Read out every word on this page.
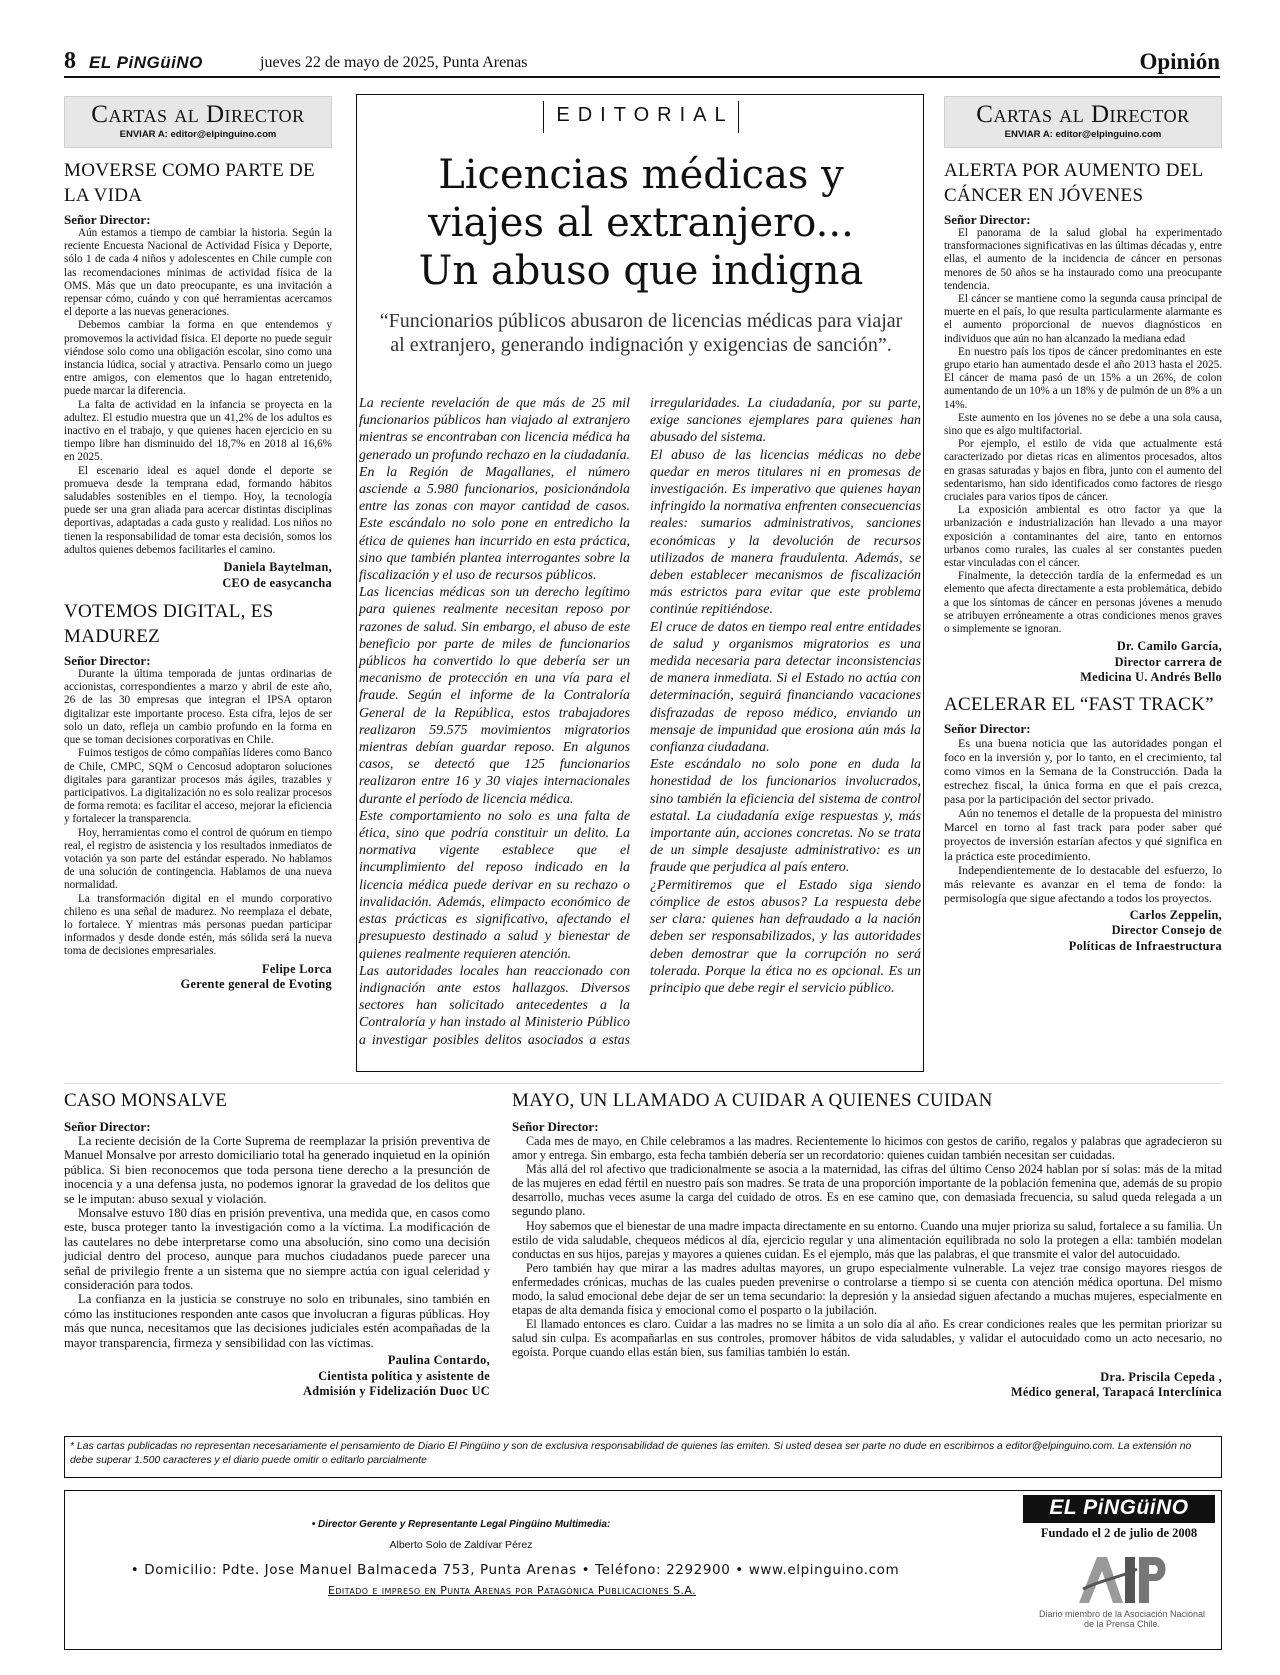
8 EL PiNGüiNO	jueves 22 de mayo de 2025, Punta Arenas	Opinión
Cartas al Director
ENVIAR A: editor@elpinguino.com
MOVERSE COMO PARTE DE LA VIDA
Señor Director:

Aún estamos a tiempo de cambiar la historia. Según la reciente Encuesta Nacional de Actividad Física y Deporte, sólo 1 de cada 4 niños y adolescentes en Chile cumple con las recomendaciones mínimas de actividad física de la OMS. Más que un dato preocupante, es una invitación a repensar cómo, cuándo y con qué herramientas acercamos el deporte a las nuevas generaciones.

Debemos cambiar la forma en que entendemos y promovemos la actividad física. El deporte no puede seguir viéndose solo como una obligación escolar, sino como una instancia lúdica, social y atractiva. Pensarlo como un juego entre amigos, con elementos que lo hagan entretenido, puede marcar la diferencia.

La falta de actividad en la infancia se proyecta en la adultez. El estudio muestra que un 41,2% de los adultos es inactivo en el trabajo, y que quienes hacen ejercicio en su tiempo libre han disminuido del 18,7% en 2018 al 16,6% en 2025.

El escenario ideal es aquel donde el deporte se promueva desde la temprana edad, formando hábitos saludables sostenibles en el tiempo. Hoy, la tecnología puede ser una gran aliada para acercar distintas disciplinas deportivas, adaptadas a cada gusto y realidad. Los niños no tienen la responsabilidad de tomar esta decisión, somos los adultos quienes debemos facilitarles el camino.

Daniela Baytelman,
CEO de easycancha
VOTEMOS DIGITAL, ES MADUREZ
Señor Director:

Durante la última temporada de juntas ordinarias de accionistas, correspondientes a marzo y abril de este año, 26 de las 30 empresas que integran el IPSA optaron digitalizar este importante proceso. Esta cifra, lejos de ser solo un dato, refleja un cambio profundo en la forma en que se toman decisiones corporativas en Chile.

Fuimos testigos de cómo compañías líderes como Banco de Chile, CMPC, SQM o Cencosud adoptaron soluciones digitales para garantizar procesos más ágiles, trazables y participativos. La digitalización no es solo realizar procesos de forma remota: es facilitar el acceso, mejorar la eficiencia y fortalecer la transparencia.

Hoy, herramientas como el control de quórum en tiempo real, el registro de asistencia y los resultados inmediatos de votación ya son parte del estándar esperado. No hablamos de una solución de contingencia. Hablamos de una nueva normalidad.

La transformación digital en el mundo corporativo chileno es una señal de madurez. No reemplaza el debate, lo fortalece. Y mientras más personas puedan participar informados y desde donde estén, más sólida será la nueva toma de decisiones empresariales.

Felipe Lorca
Gerente general de Evoting
EDITORIAL
Licencias médicas y
viajes al extranjero...
Un abuso que indigna
“Funcionarios públicos abusaron de licencias médicas para viajar al extranjero, generando indignación y exigencias de sanción”.

La reciente revelación de que más de 25 mil funcionarios públicos han viajado al extranjero mientras se encontraban con licencia médica ha generado un profundo rechazo en la ciudadanía. En la Región de Magallanes, el número asciende a 5.980 funcionarios, posicionándola entre las zonas con mayor cantidad de casos. Este escándalo no solo pone en entredicho la ética de quienes han incurrido en esta práctica, sino que también plantea interrogantes sobre la fiscalización y el uso de recursos públicos.

Las licencias médicas son un derecho legítimo para quienes realmente necesitan reposo por razones de salud. Sin embargo, el abuso de este beneficio por parte de miles de funcionarios públicos ha convertido lo que debería ser un mecanismo de protección en una vía para el fraude. Según el informe de la Contraloría General de la República, estos trabajadores realizaron 59.575 movimientos migratorios mientras debían guardar reposo. En algunos casos, se detectó que 125 funcionarios realizaron entre 16 y 30 viajes internacionales durante el período de licencia médica.

Este comportamiento no solo es una falta de ética, sino que podría constituir un delito. La normativa vigente establece que el incumplimiento del reposo indicado en la licencia médica puede derivar en su rechazo o invalidación. Además, elimpacto económico de estas prácticas es significativo, afectando el presupuesto destinado a salud y bienestar de quienes realmente requieren atención.

Las autoridades locales han reaccionado con indignación ante estos hallazgos. Diversos sectores han solicitado antecedentes a la Contraloría y han instado al Ministerio Público a investigar posibles delitos asociados a estas irregularidades. La ciudadanía, por su parte, exige sanciones ejemplares para quienes han abusado del sistema.

El abuso de las licencias médicas no debe quedar en meros titulares ni en promesas de investigación. Es imperativo que quienes hayan infringido la normativa enfrenten consecuencias reales: sumarios administrativos, sanciones económicas y la devolución de recursos utilizados de manera fraudulenta. Además, se deben establecer mecanismos de fiscalización más estrictos para evitar que este problema continúe repitiéndose.

El cruce de datos en tiempo real entre entidades de salud y organismos migratorios es una medida necesaria para detectar inconsistencias de manera inmediata. Si el Estado no actúa con determinación, seguirá financiando vacaciones disfrazadas de reposo médico, enviando un mensaje de impunidad que erosiona aún más la confianza ciudadana.

Este escándalo no solo pone en duda la honestidad de los funcionarios involucrados, sino también la eficiencia del sistema de control estatal. La ciudadanía exige respuestas y, más importante aún, acciones concretas. No se trata de un simple desajuste administrativo: es un fraude que perjudica al país entero.

¿Permitiremos que el Estado siga siendo cómplice de estos abusos? La respuesta debe ser clara: quienes han defraudado a la nación deben ser responsabilizados, y las autoridades deben demostrar que la corrupción no será tolerada. Porque la ética no es opcional. Es un principio que debe regir el servicio público.

Cartas al Director
ENVIAR A: editor@elpinguino.com
ALERTA POR AUMENTO DEL CÁNCER EN JÓVENES
Señor Director:

El panorama de la salud global ha experimentado transformaciones significativas en las últimas décadas y, entre ellas, el aumento de la incidencia de cáncer en personas menores de 50 años se ha instaurado como una preocupante tendencia.

El cáncer se mantiene como la segunda causa principal de muerte en el país, lo que resulta particularmente alarmante es el aumento proporcional de nuevos diagnósticos en individuos que aún no han alcanzado la mediana edad

En nuestro país los tipos de cáncer predominantes en este grupo etario han aumentado desde el año 2013 hasta el 2025. El cáncer de mama pasó de un 15% a un 26%, de colon aumentando de un 10% a un 18% y de pulmón de un 8% a un 14%.

Este aumento en los jóvenes no se debe a una sola causa, sino que es algo multifactorial.

Por ejemplo, el estilo de vida que actualmente está caracterizado por dietas ricas en alimentos procesados, altos en grasas saturadas y bajos en fibra, junto con el aumento del sedentarismo, han sido identificados como factores de riesgo cruciales para varios tipos de cáncer.

La exposición ambiental es otro factor ya que la urbanización e industrialización han llevado a una mayor exposición a contaminantes del aire, tanto en entornos urbanos como rurales, las cuales al ser constantes pueden estar vinculadas con el cáncer.

Finalmente, la detección tardía de la enfermedad es un elemento que afecta directamente a esta problemática, debido a que los síntomas de cáncer en personas jóvenes a menudo se atribuyen erróneamente a otras condiciones menos graves o simplemente se ignoran.

Dr. Camilo García,
Director carrera de
Medicina U. Andrés Bello
ACELERAR EL “FAST TRACK”
Señor Director:

Es una buena noticia que las autoridades pongan el foco en la inversión y, por lo tanto, en el crecimiento, tal como vimos en la Semana de la Construcción. Dada la estrechez fiscal, la única forma en que el país crezca, pasa por la participación del sector privado.

Aún no tenemos el detalle de la propuesta del ministro Marcel en torno al fast track para poder saber qué proyectos de inversión estarían afectos y qué significa en la práctica este procedimiento.

Independientemente de lo destacable del esfuerzo, lo más relevante es avanzar en el tema de fondo: la permisología que sigue afectando a todos los proyectos.

Carlos Zeppelin,
Director Consejo de
Políticas de Infraestructura
CASO MONSALVE
Señor Director:

La reciente decisión de la Corte Suprema de reemplazar la prisión preventiva de Manuel Monsalve por arresto domiciliario total ha generado inquietud en la opinión pública. Si bien reconocemos que toda persona tiene derecho a la presunción de inocencia y a una defensa justa, no podemos ignorar la gravedad de los delitos que se le imputan: abuso sexual y violación.

Monsalve estuvo 180 días en prisión preventiva, una medida que, en casos como este, busca proteger tanto la investigación como a la víctima. La modificación de las cautelares no debe interpretarse como una absolución, sino como una decisión judicial dentro del proceso, aunque para muchos ciudadanos puede parecer una señal de privilegio frente a un sistema que no siempre actúa con igual celeridad y consideración para todos.

La confianza en la justicia se construye no solo en tribunales, sino también en cómo las instituciones responden ante casos que involucran a figuras públicas. Hoy más que nunca, necesitamos que las decisiones judiciales estén acompañadas de la mayor transparencia, firmeza y sensibilidad con las víctimas.

Paulina Contardo,
Cientista política y asistente de
Admisión y Fidelización Duoc UC
MAYO, UN LLAMADO A CUIDAR A QUIENES CUIDAN
Señor Director:

Cada mes de mayo, en Chile celebramos a las madres. Recientemente lo hicimos con gestos de cariño, regalos y palabras que agradecieron su amor y entrega. Sin embargo, esta fecha también debería ser un recordatorio: quienes cuidan también necesitan ser cuidadas.

Más allá del rol afectivo que tradicionalmente se asocia a la maternidad, las cifras del último Censo 2024 hablan por sí solas: más de la mitad de las mujeres en edad fértil en nuestro país son madres. Se trata de una proporción importante de la población femenina que, además de su propio desarrollo, muchas veces asume la carga del cuidado de otros. Es en ese camino que, con demasiada frecuencia, su salud queda relegada a un segundo plano.

Hoy sabemos que el bienestar de una madre impacta directamente en su entorno. Cuando una mujer prioriza su salud, fortalece a su familia. Un estilo de vida saludable, chequeos médicos al día, ejercicio regular y una alimentación equilibrada no solo la protegen a ella: también modelan conductas en sus hijos, parejas y mayores a quienes cuidan. Es el ejemplo, más que las palabras, el que transmite el valor del autocuidado.

Pero también hay que mirar a las madres adultas mayores, un grupo especialmente vulnerable. La vejez trae consigo mayores riesgos de enfermedades crónicas, muchas de las cuales pueden prevenirse o controlarse a tiempo si se cuenta con atención médica oportuna. Del mismo modo, la salud emocional debe dejar de ser un tema secundario: la depresión y la ansiedad siguen afectando a muchas mujeres, especialmente en etapas de alta demanda física y emocional como el posparto o la jubilación.

El llamado entonces es claro. Cuidar a las madres no se limita a un solo día al año. Es crear condiciones reales que les permitan priorizar su salud sin culpa. Es acompañarlas en sus controles, promover hábitos de vida saludables, y validar el autocuidado como un acto necesario, no egoísta. Porque cuando ellas están bien, sus familias también lo están.

Dra. Priscila Cepeda ,
Médico general, Tarapacá Interclínica
* Las cartas publicadas no representan necesariamente el pensamiento de Diario El Pingüino y son de exclusiva responsabilidad de quienes las emiten. Si usted desea ser parte no dude en escribirnos a editor@elpinguino.com. La extensión no debe superar 1.500 caracteres y el diario puede omitir o editarlo parcialmente
• Director Gerente y Representante Legal Pingüino Multimedia:
Alberto Solo de Zaldívar Pérez
• Domicilio: Pdte. Jose Manuel Balmaceda 753, Punta Arenas • Teléfono: 2292900 • www.elpinguino.com
Editado e impreso en Punta Arenas por Patagónica Publicaciones S.A.
EL PiNGüiNO
Fundado el 2 de julio de 2008
Diario miembro de la Asociación Nacional de la Prensa Chile.
